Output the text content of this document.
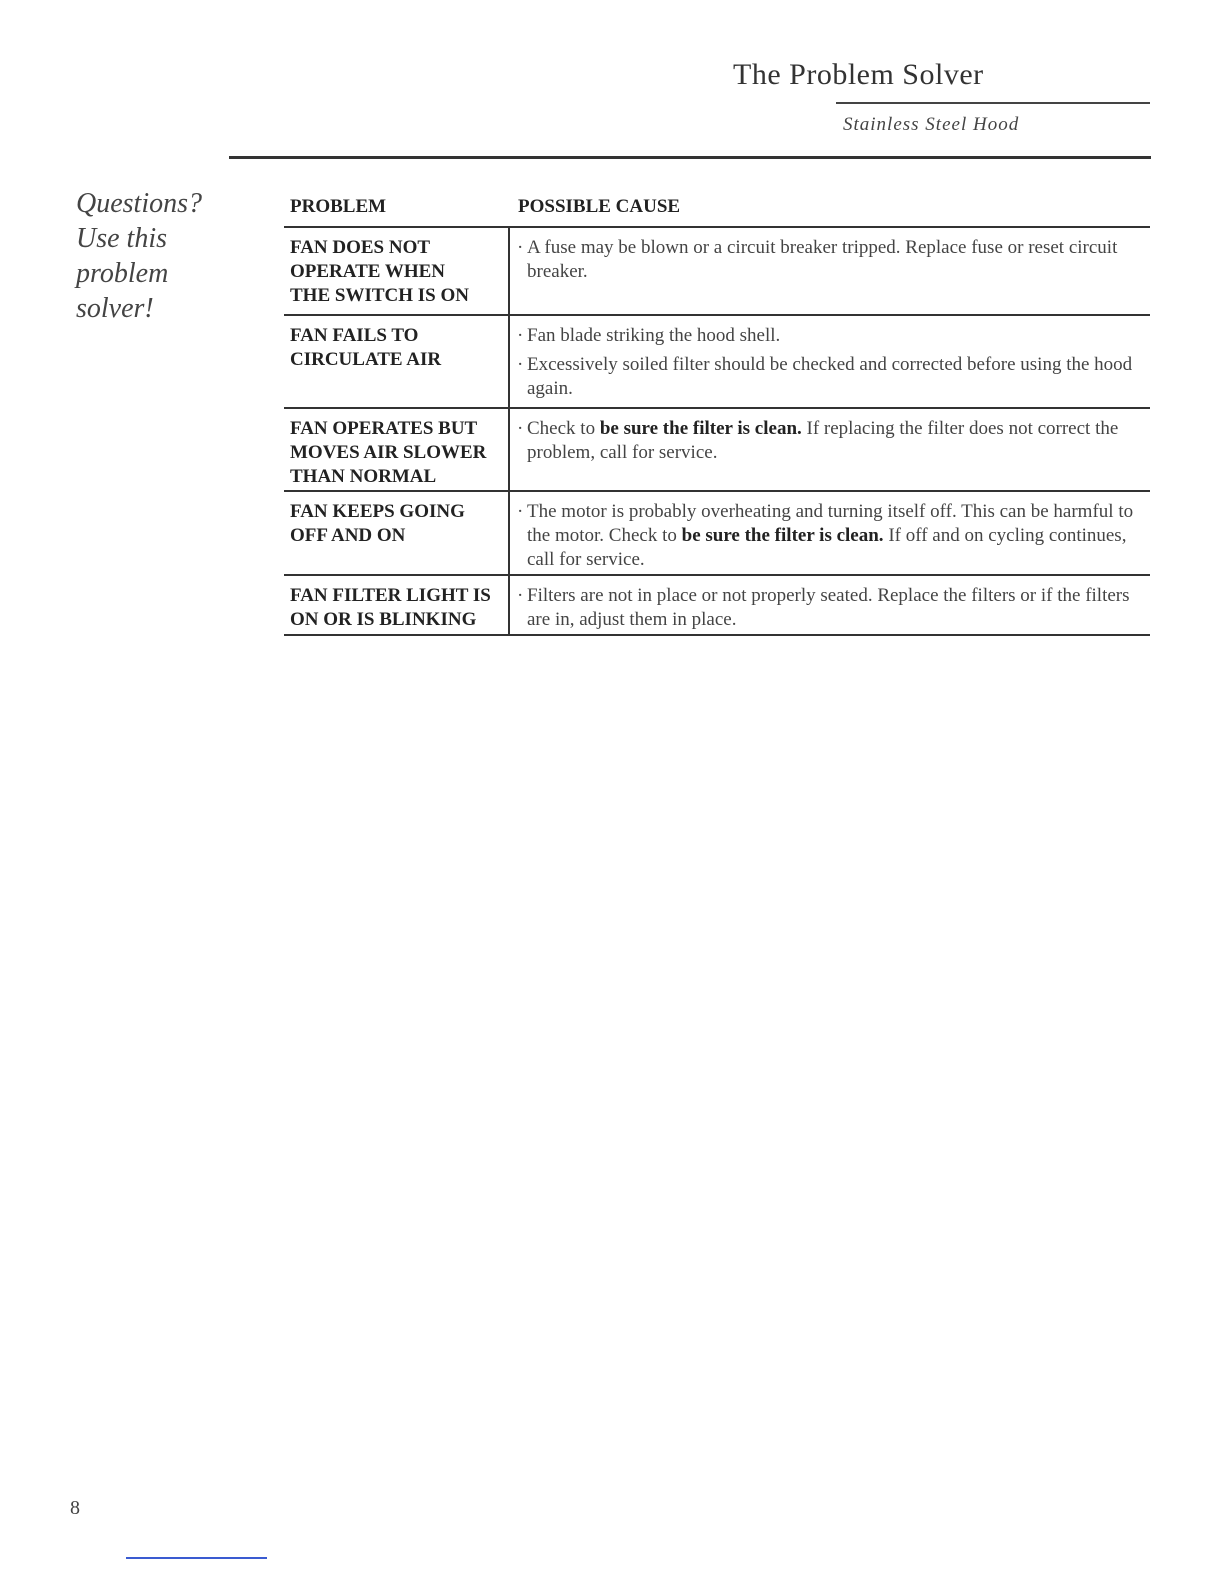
The Problem Solver
Stainless Steel Hood
Questions?
Use this
problem
solver!
PROBLEM	POSSIBLE CAUSE
FAN DOES NOT
OPERATE WHEN
THE SWITCH IS ON
· A fuse may be blown or a circuit breaker tripped. Replace fuse or reset circuit breaker.
FAN FAILS TO
CIRCULATE AIR
· Fan blade striking the hood shell.
· Excessively soiled filter should be checked and corrected before using the hood again.
FAN OPERATES BUT
MOVES AIR SLOWER
THAN NORMAL
· Check to be sure the filter is clean. If replacing the filter does not correct the problem, call for service.
FAN KEEPS GOING
OFF AND ON
· The motor is probably overheating and turning itself off. This can be harmful to the motor. Check to be sure the filter is clean. If off and on cycling continues, call for service.
FAN FILTER LIGHT IS
ON OR IS BLINKING
· Filters are not in place or not properly seated. Replace the filters or if the filters are in, adjust them in place.
8
